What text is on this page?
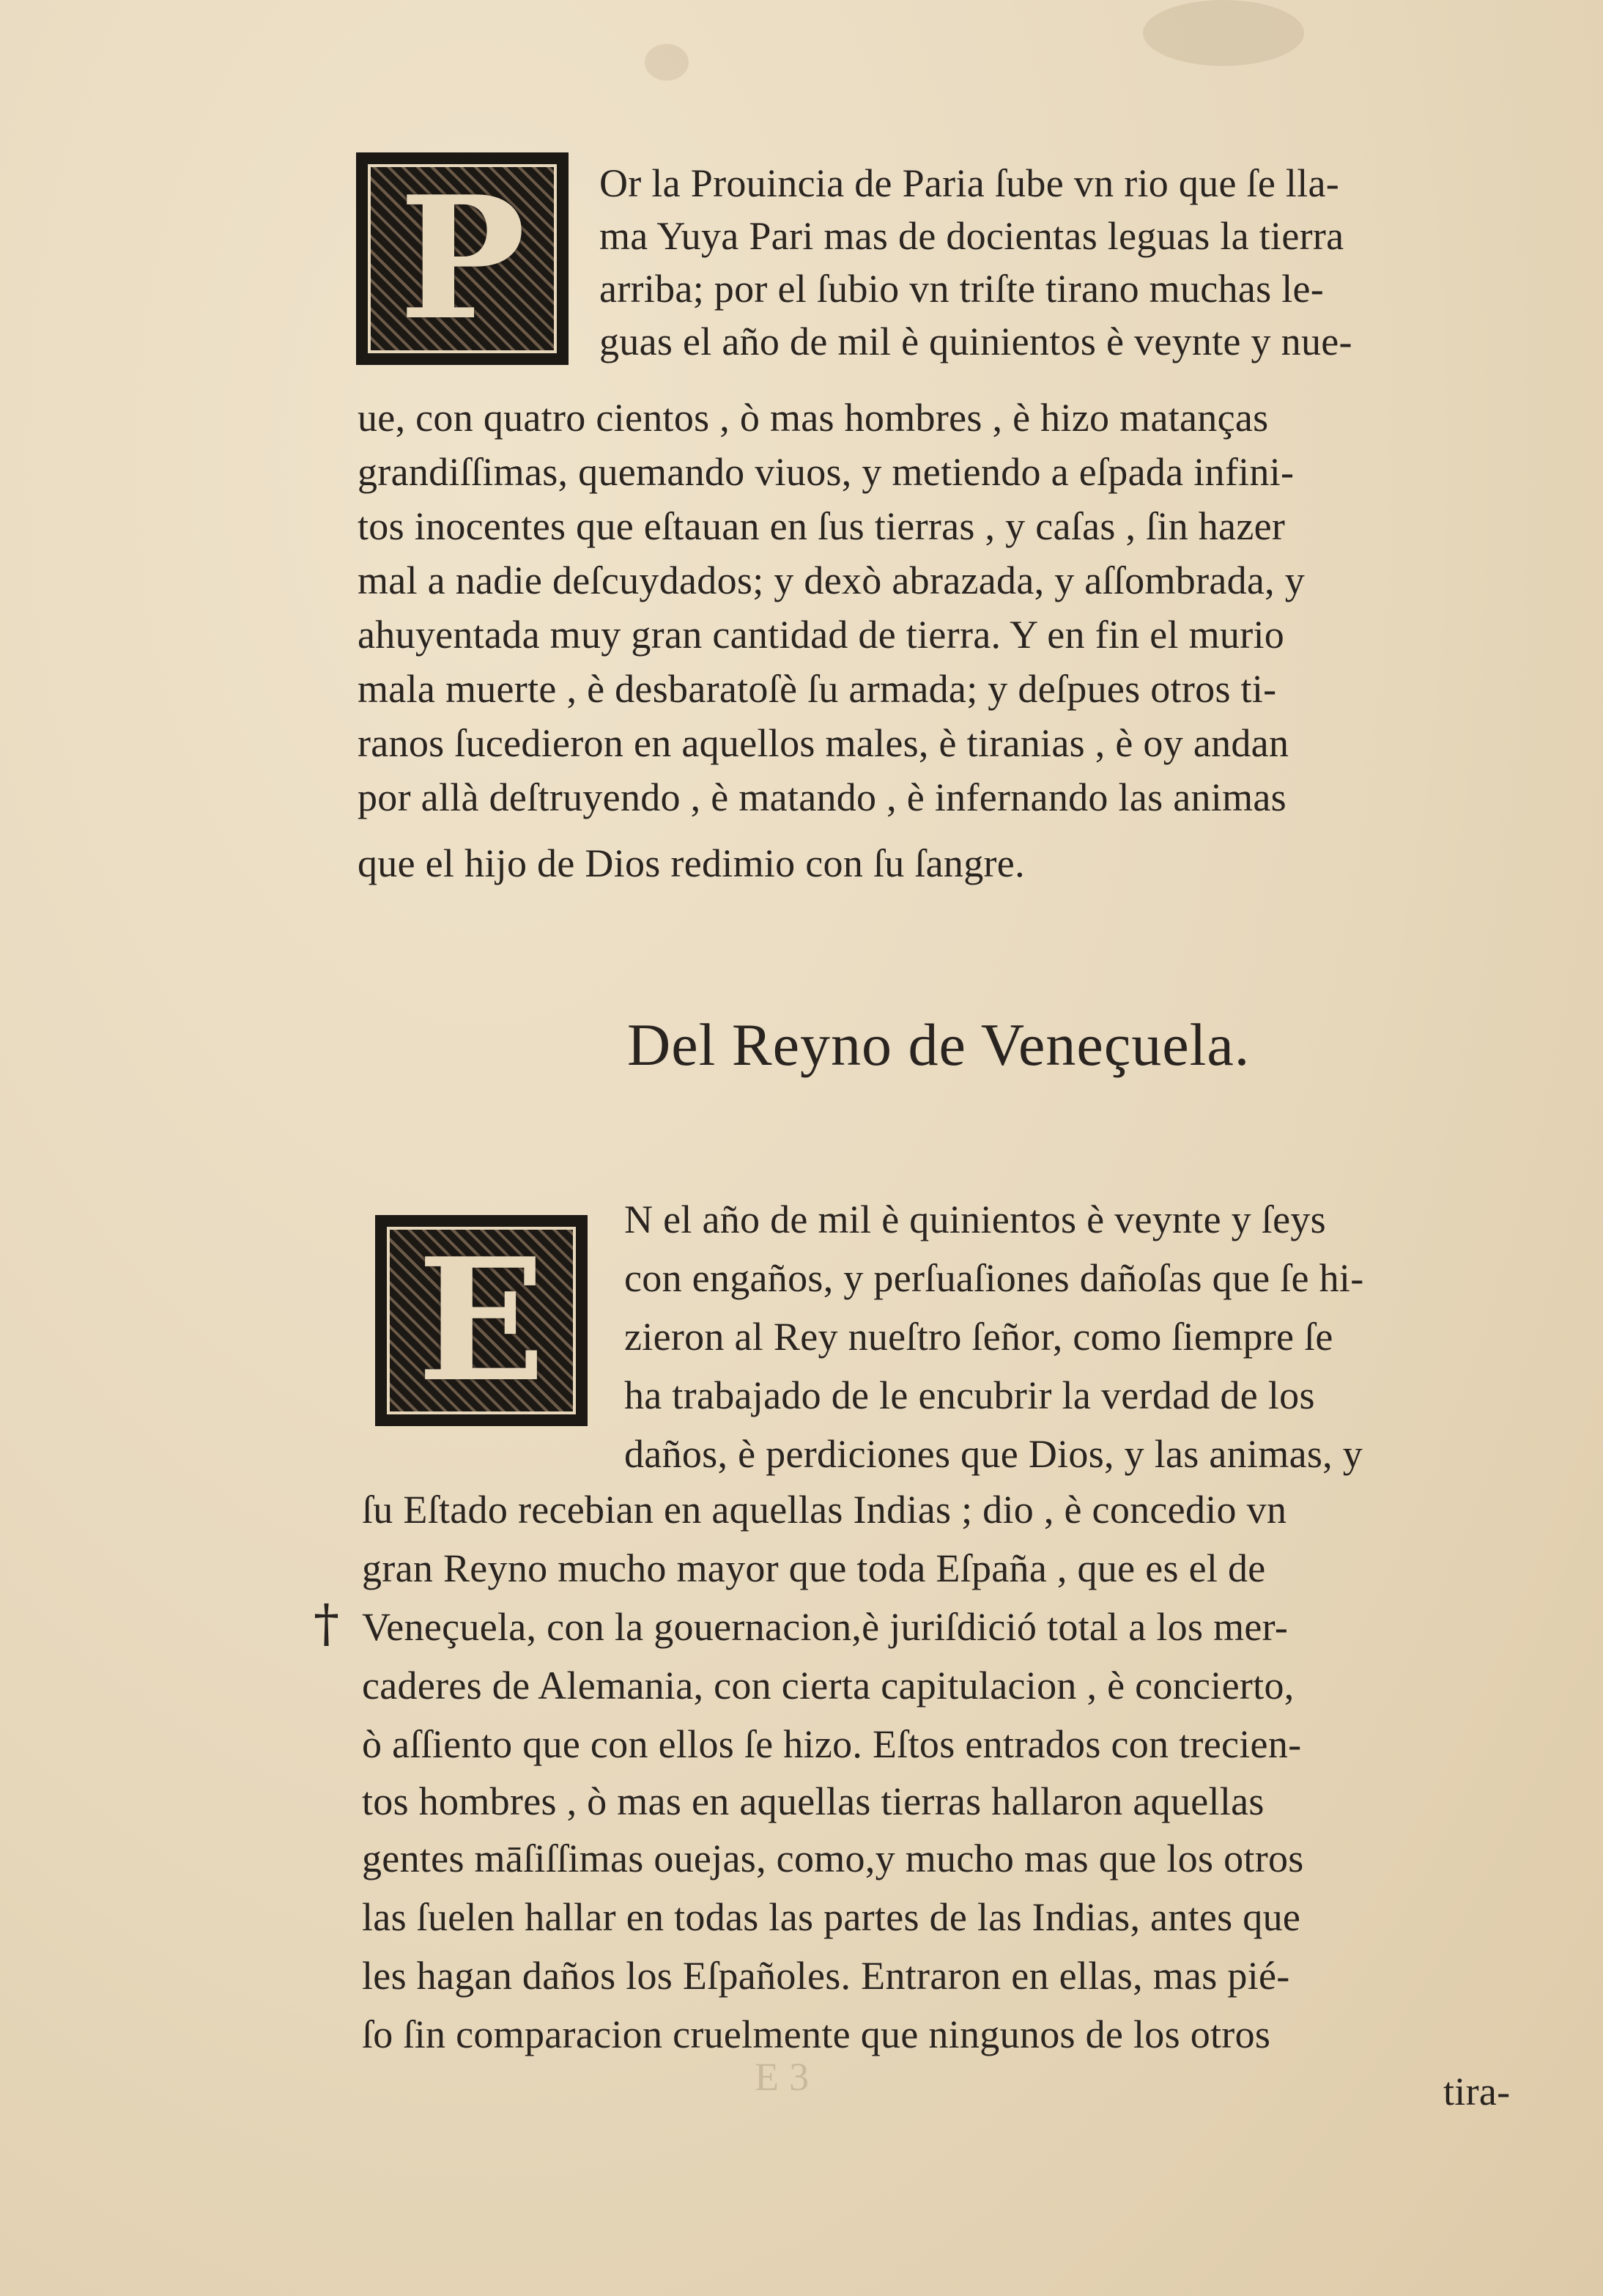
P	Or la Prouincia de Paria ſube vn rio que ſe lla-
ma Yuya Pari mas de docientas leguas la tierra
arriba; por el ſubio vn triſte tirano muchas le-
guas el año de mil è quinientos è veynte y nue-
ue, con quatro cientos , ò mas hombres , è hizo matanças
grandiſſimas, quemando viuos, y metiendo a eſpada infini-
tos inocentes que eſtauan en ſus tierras , y caſas , ſin hazer
mal a nadie deſcuydados; y dexò abrazada, y aſſombrada, y
ahuyentada muy gran cantidad de tierra. Y en fin el murio
mala muerte , è desbaratoſè ſu armada; y deſpues otros ti-
ranos ſucedieron en aquellos males, è tiranias , è oy andan
por allà deſtruyendo , è matando , è infernando las animas
que el hijo de Dios redimio con ſu ſangre.
Del Reyno de Veneçuela.
E
N el año de mil è quinientos è veynte y ſeys
con engaños, y perſuaſiones dañoſas que ſe hi-
zieron al Rey nueſtro ſeñor, como ſiempre ſe
ha trabajado de le encubrir la verdad de los
daños, è perdiciones que Dios, y las animas, y
ſu Eſtado recebian en aquellas Indias ; dio , è concedio vn
gran Reyno mucho mayor que toda Eſpaña , que es el de
Veneçuela, con la gouernacion,è juriſdició total a los mer-
caderes de Alemania, con cierta capitulacion , è concierto,
ò aſſiento que con ellos ſe hizo. Eſtos entrados con trecien-
tos hombres , ò mas en aquellas tierras hallaron aquellas
gentes māſiſſimas ouejas, como,y mucho mas que los otros
las ſuelen hallar en todas las partes de las Indias, antes que
les hagan daños los Eſpañoles. Entraron en ellas, mas pié-
ſo ſin comparacion cruelmente que ningunos de los otros
E 3	tira-
†
